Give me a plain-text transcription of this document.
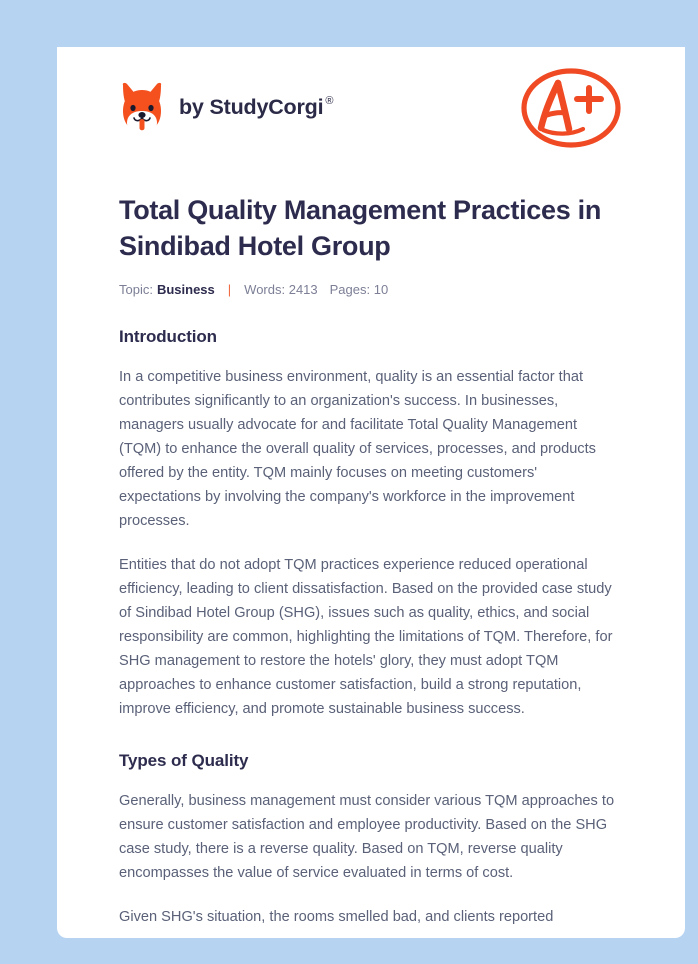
by
StudyCorgi ®
Total Quality Management Practices in Sindibad Hotel Group
Topic: Business | Words: 2413 Pages: 10
Introduction

In a competitive business environment, quality is an essential factor that contributes significantly to an organization's success. In businesses, managers usually advocate for and facilitate Total Quality Management (TQM) to enhance the overall quality of services, processes, and products offered by the entity. TQM mainly focuses on meeting customers' expectations by involving the company's workforce in the improvement processes.

Entities that do not adopt TQM practices experience reduced operational efficiency, leading to client dissatisfaction. Based on the provided case study of Sindibad Hotel Group (SHG), issues such as quality, ethics, and social responsibility are common, highlighting the limitations of TQM. Therefore, for SHG management to restore the hotels' glory, they must adopt TQM approaches to enhance customer satisfaction, build a strong reputation, improve efficiency, and promote sustainable business success.

Types of Quality

Generally, business management must consider various TQM approaches to ensure customer satisfaction and employee productivity. Based on the SHG case study, there is a reverse quality. Based on TQM, reverse quality encompasses the value of service evaluated in terms of cost.

Given SHG's situation, the rooms smelled bad, and clients reported
